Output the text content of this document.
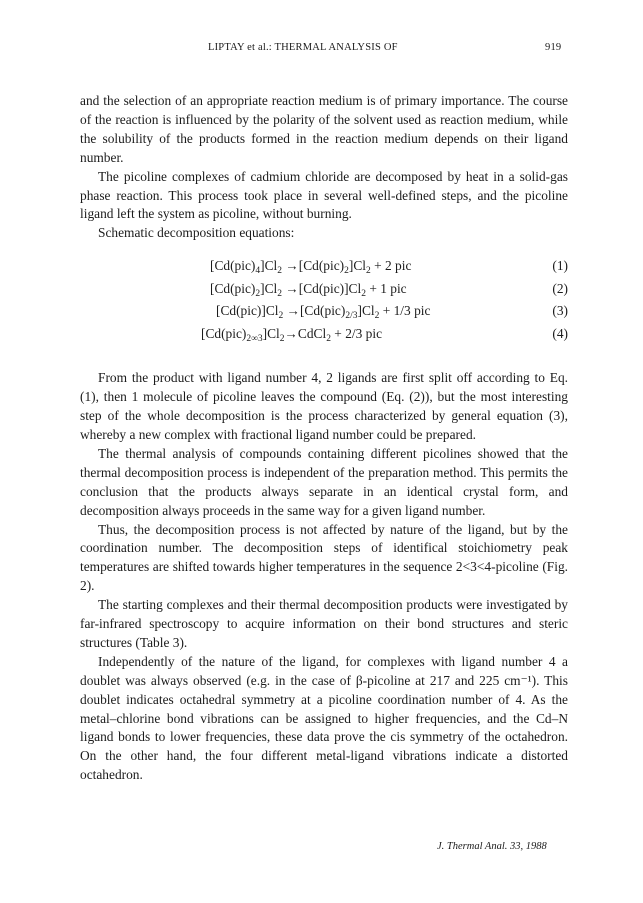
LIPTAY et al.: THERMAL ANALYSIS OF	919

and the selection of an appropriate reaction medium is of primary importance. The course of the reaction is influenced by the polarity of the solvent used as reaction medium, while the solubility of the products formed in the reaction medium depends on their ligand number.

The picoline complexes of cadmium chloride are decomposed by heat in a solid-gas phase reaction. This process took place in several well-defined steps, and the picoline ligand left the system as picoline, without burning.

Schematic decomposition equations:

$[Cd(pic)_4]Cl_2 \to[Cd(pic)_2]Cl_2 + 2$ pic	(1)
$[Cd(pic)_2]Cl_2 \to[Cd(pic)]Cl_2 + 1$ pic	(2)
$[Cd(pic)]Cl_2 \to[Cd(pic)_{2/3}]Cl_2 + 1/3$ pic	(3)
$[Cd(pic)_{2\infty 3}]Cl_2\to CdCl_2 + 2/3$ pic	(4)

From the product with ligand number 4, 2 ligands are first split off according to Eq. (1), then 1 molecule of picoline leaves the compound (Eq. (2)), but the most interesting step of the whole decomposition is the process characterized by general equation (3), whereby a new complex with fractional ligand number could be prepared.

The thermal analysis of compounds containing different picolines showed that the thermal decomposition process is independent of the preparation method. This permits the conclusion that the products always separate in an identical crystal form, and decomposition always proceeds in the same way for a given ligand number.

Thus, the decomposition process is not affected by nature of the ligand, but by the coordination number. The decomposition steps of identifical stoichiometry peak temperatures are shifted towards higher temperatures in the sequence 2<3<4-picoline (Fig. 2).

The starting complexes and their thermal decomposition products were investigated by far-infrared spectroscopy to acquire information on their bond structures and steric structures (Table 3).

Independently of the nature of the ligand, for complexes with ligand number 4 a doublet was always observed (e.g. in the case of β-picoline at 217 and 225 cm⁻¹). This doublet indicates octahedral symmetry at a picoline coordination number of 4. As the metal–chlorine bond vibrations can be assigned to higher frequencies, and the Cd–N ligand bonds to lower frequencies, these data prove the cis symmetry of the octahedron. On the other hand, the four different metal-ligand vibrations indicate a distorted octahedron.

J. Thermal Anal. 33, 1988
